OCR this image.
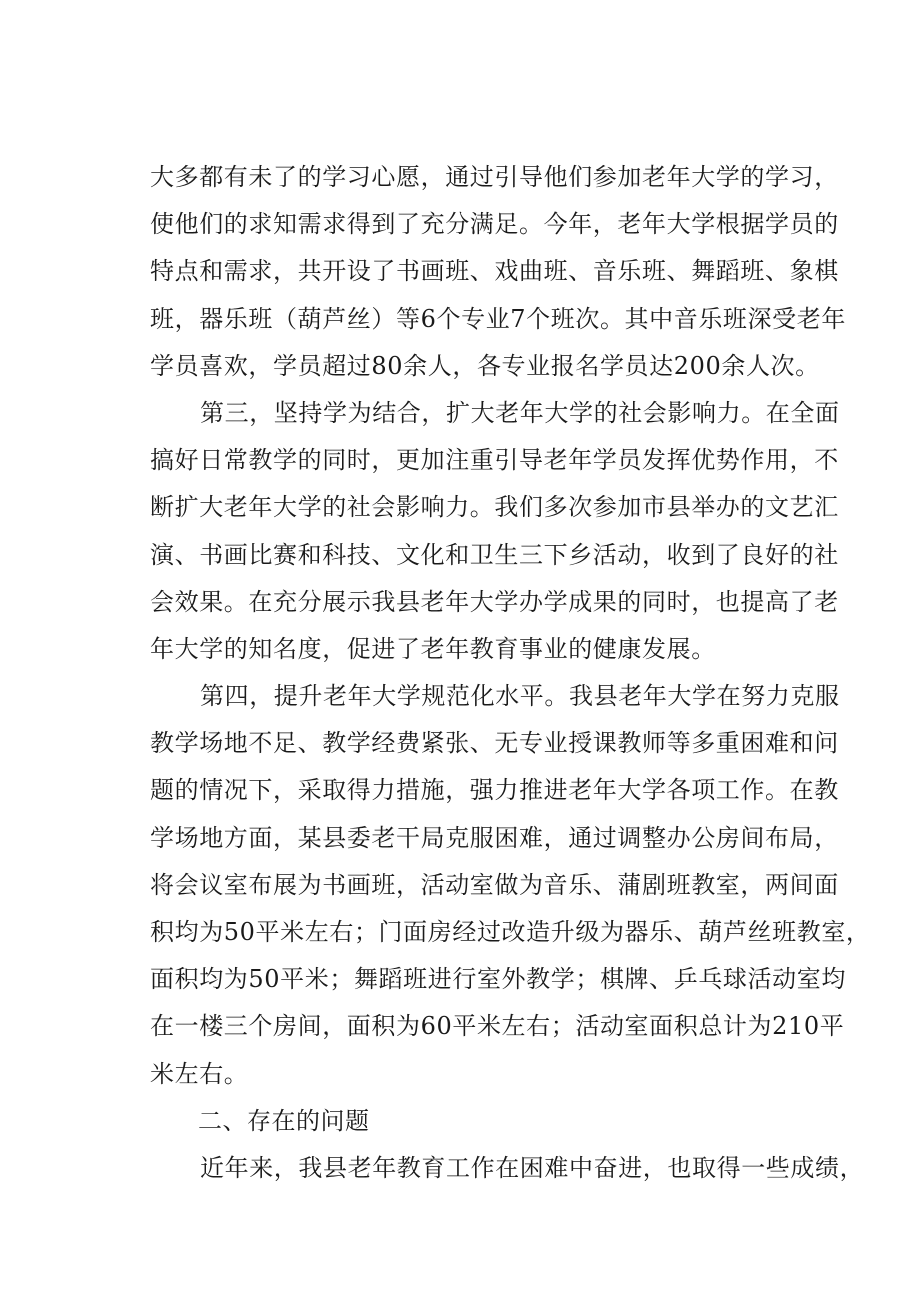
大多都有未了的学习心愿，通过引导他们参加老年大学的学习，
使他们的求知需求得到了充分满足。今年，老年大学根据学员的
特点和需求，共开设了书画班、戏曲班、音乐班、舞蹈班、象棋
班，器乐班（葫芦丝）等6个专业7个班次。其中音乐班深受老年
学员喜欢，学员超过80余人，各专业报名学员达200余人次。
第三，坚持学为结合，扩大老年大学的社会影响力。在全面
搞好日常教学的同时，更加注重引导老年学员发挥优势作用，不
断扩大老年大学的社会影响力。我们多次参加市县举办的文艺汇
演、书画比赛和科技、文化和卫生三下乡活动，收到了良好的社
会效果。在充分展示我县老年大学办学成果的同时，也提高了老
年大学的知名度，促进了老年教育事业的健康发展。
第四，提升老年大学规范化水平。我县老年大学在努力克服
教学场地不足、教学经费紧张、无专业授课教师等多重困难和问
题的情况下，采取得力措施，强力推进老年大学各项工作。在教
学场地方面，某县委老干局克服困难，通过调整办公房间布局，
将会议室布展为书画班，活动室做为音乐、蒲剧班教室，两间面
积均为50平米左右；门面房经过改造升级为器乐、葫芦丝班教室，
面积均为50平米；舞蹈班进行室外教学；棋牌、乒乓球活动室均
在一楼三个房间，面积为60平米左右；活动室面积总计为210平
米左右。
二、存在的问题
近年来，我县老年教育工作在困难中奋进，也取得一些成绩，
